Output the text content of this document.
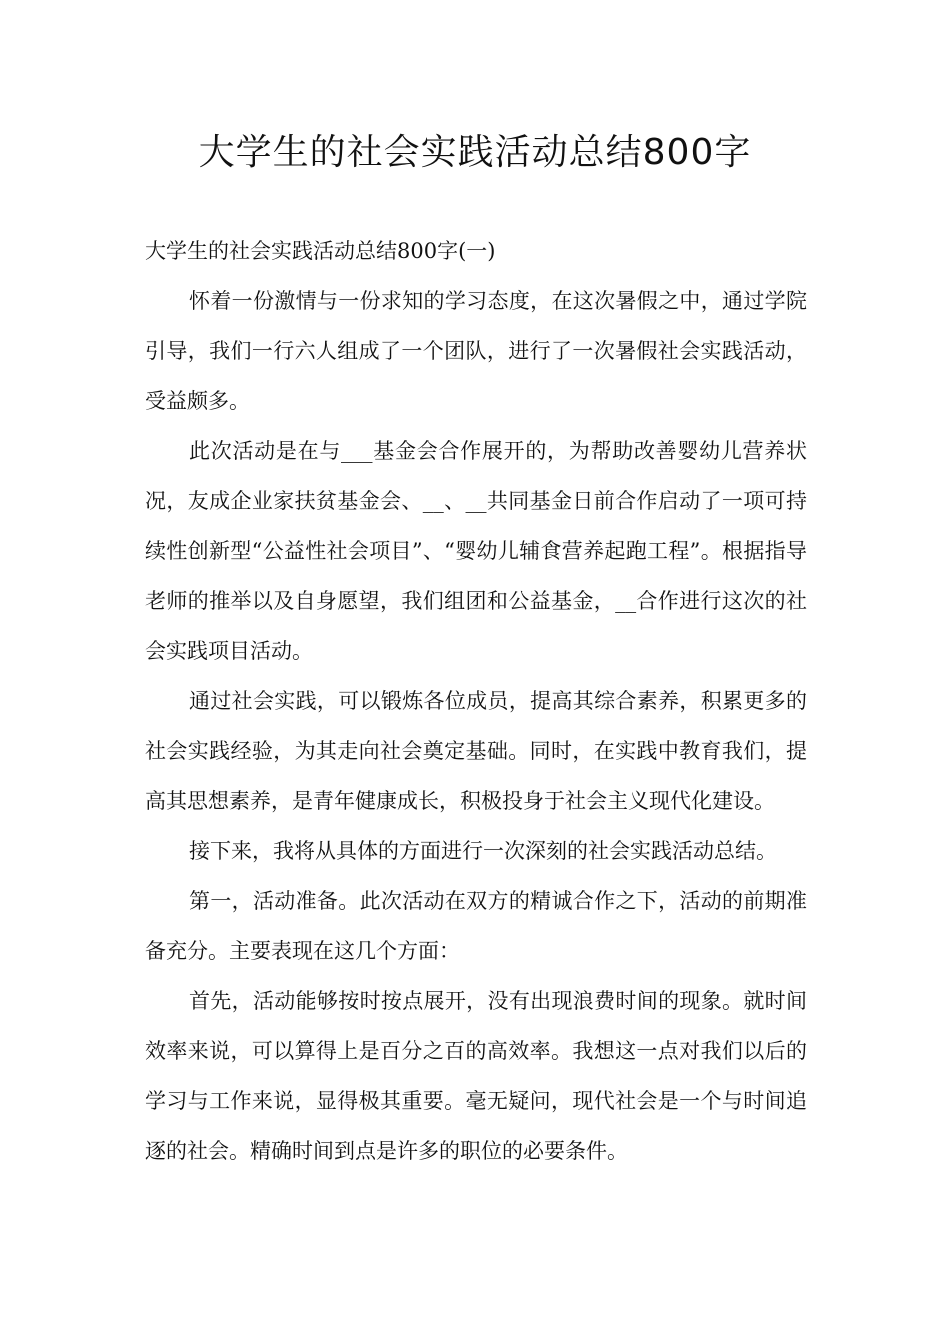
大学生的社会实践活动总结800字

大学生的社会实践活动总结800字(一)

怀着一份激情与一份求知的学习态度，在这次暑假之中，通过学院引导，我们一行六人组成了一个团队，进行了一次暑假社会实践活动，受益颇多。

此次活动是在与___基金会合作展开的，为帮助改善婴幼儿营养状况，友成企业家扶贫基金会、__、__共同基金日前合作启动了一项可持续性创新型“公益性社会项目”、“婴幼儿辅食营养起跑工程”。根据指导老师的推举以及自身愿望，我们组团和公益基金，__合作进行这次的社会实践项目活动。

通过社会实践，可以锻炼各位成员，提高其综合素养，积累更多的社会实践经验，为其走向社会奠定基础。同时，在实践中教育我们，提高其思想素养，是青年健康成长，积极投身于社会主义现代化建设。

接下来，我将从具体的方面进行一次深刻的社会实践活动总结。

第一，活动准备。此次活动在双方的精诚合作之下，活动的前期准备充分。主要表现在这几个方面：

首先，活动能够按时按点展开，没有出现浪费时间的现象。就时间效率来说，可以算得上是百分之百的高效率。我想这一点对我们以后的学习与工作来说，显得极其重要。毫无疑问，现代社会是一个与时间追逐的社会。精确时间到点是许多的职位的必要条件。
